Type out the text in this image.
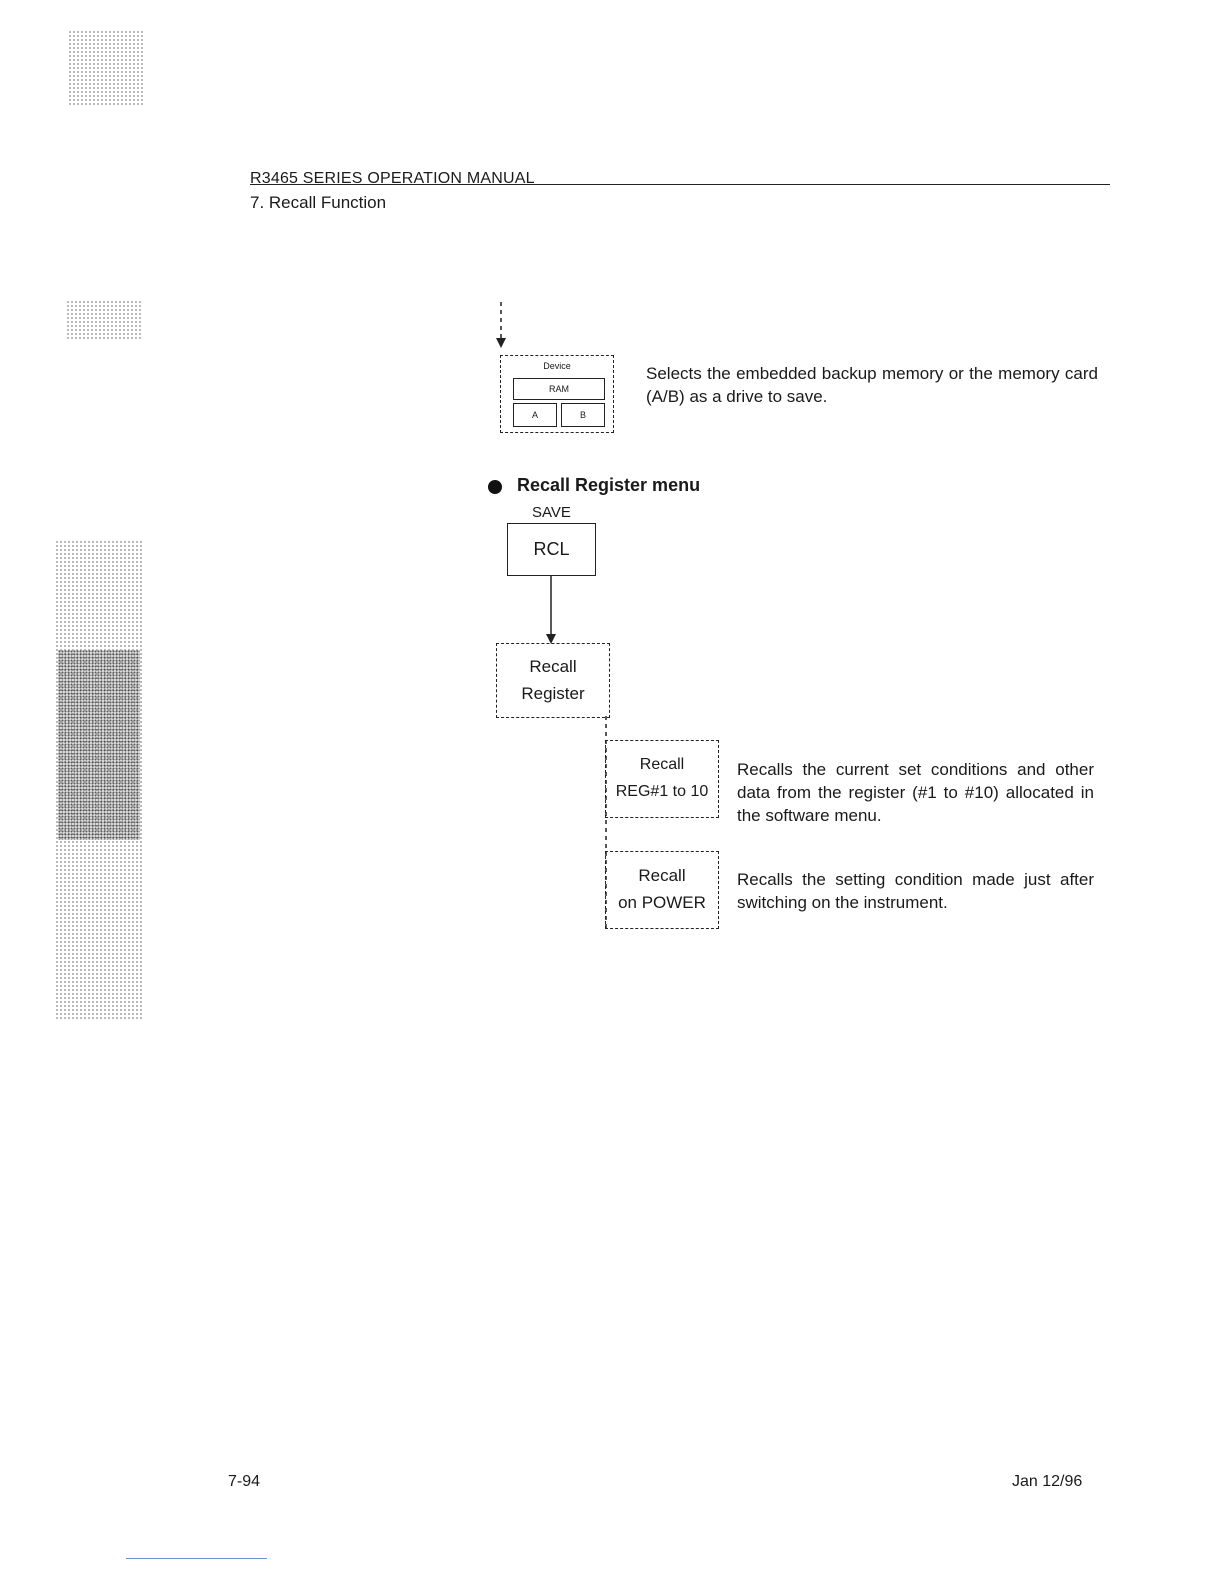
R3465 SERIES OPERATION MANUAL
7. Recall Function
Device
RAM
A	B
Selects the embedded backup memory or the memory card (A/B) as a drive to save.
Recall Register menu
SAVE
RCL
Recall
Register
Recall
REG#1 to 10
Recalls the current set conditions and other data from the register (#1 to #10) allocated in the software menu.
Recall
on POWER
Recalls the setting condition made just after switching on the instrument.
7-94	Jan 12/96
